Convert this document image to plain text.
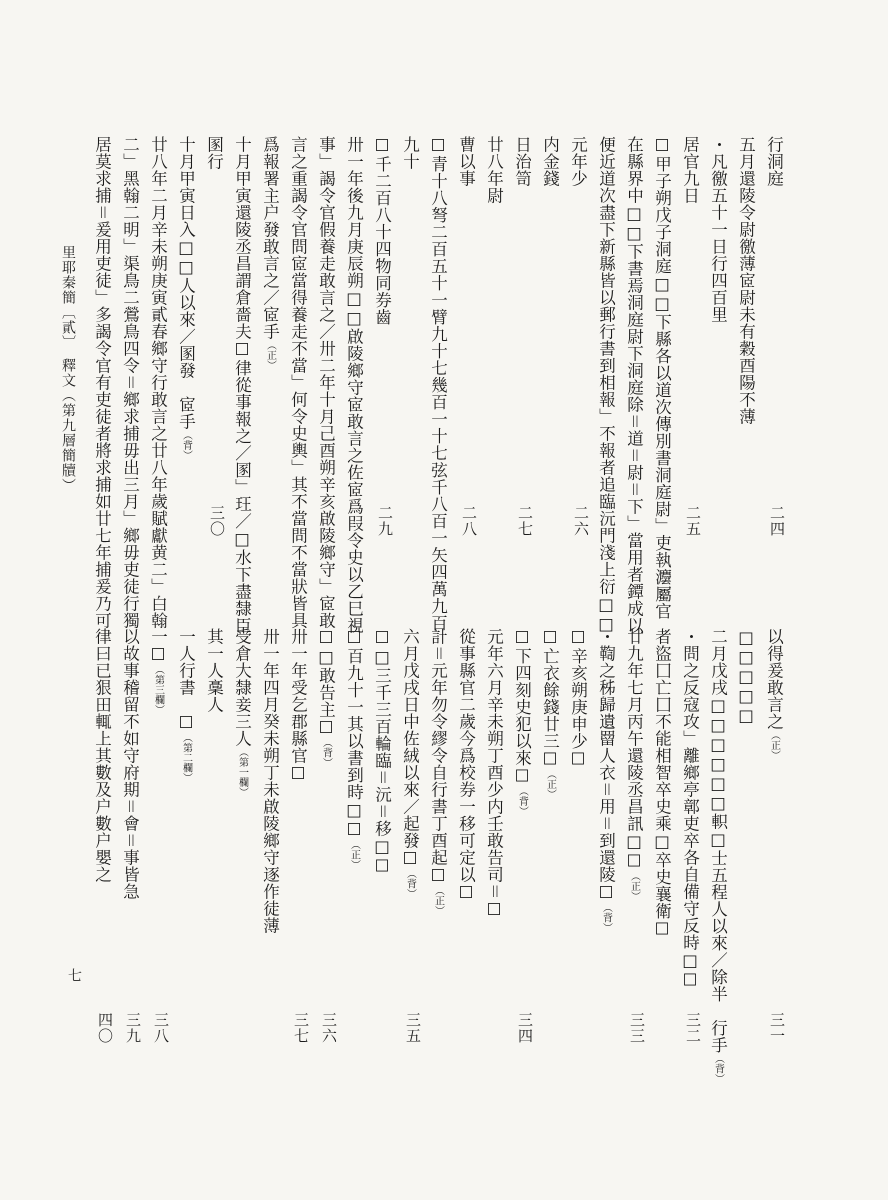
行洞庭
五月還陵令尉徼薄宧尉未有穀酉陽不薄
・凡徼五十一日行四百里
居官九日
☐甲子朔戊子洞庭□□下縣各以道次傳別書洞庭尉」吏執灋屬官
在縣界中□□下書焉洞庭尉下洞庭除＝道＝尉＝下」當用者鐔成以
便近道次盡下新縣皆以郵行書到相報」不報者追臨沅門淺上衍□□
元年少
内金錢
日治笥
廿八年尉
曹以事
☐青十八弩二百五十一臂九十七幾百一十七弦千八百一矢四萬九百
九十
☐千二百八十四物同券齒
卅一年後九月庚辰朔□□啟陵鄉守宧敢言之佐宧爲叚令史以乙巳視
事」謁令官假養走敢言之／卅二年十月己酉朔辛亥啟陵鄉守」宧敢
言之重謁令官問宧當得養走不當」何令史輿」其不當問不當狀皆具
爲報署主户發敢言之／宧手（正）
十月甲寅還陵丞昌謂倉嗇夫☐律從事報之／圂」玨／□水下盡隸臣
圂行
十月甲寅日入□□人以來／圂發　宧手（背）
廿八年二月辛未朔庚寅貳春鄉守行敢言之廿八年歲賦獻黄二」白翰
二」黑翰二明」渠鳥二鶯鳥四令＝鄉求捕毋出三月」鄉毋吏徒行獨
居莫求捕＝爰用吏徒」多謁令官有吏徒者將求捕如廿七年捕爰乃可	二四
二五
二六
二七
二八
二九
三〇
以得爰敢言之（正）
□□□□□
二月戊戌□□□□□□軹□士五程人以來／除半　行手（背）
・問之反寇攻」離鄉亭鄣吏卒各自備守反時□☐
者盜囗亡囗不能相智卒史乘□卒史襄衛☐
廿九年七月丙午還陵丞昌訊□☐（正）
・鞫之秭歸遺罶人衣＝用＝到還陵☐（背）
☐辛亥朔庚申少☐
☐亡衣餘錢廿三☐（正）
☐下四刻史犯以來☐（背）
元年六月辛未朔丁酉少内壬敢告司＝☐
從事縣官二歲今爲校券一移可定以☐
計＝元年勿令繆令自行書丁酉起☐（正）
六月戊戌日中佐絨以來／起發☐（背）
☐□三千三百輪臨＝沅＝移□☐
☐百九十一其以書到時□☐（正）
☐□敢告主☐（背）
卅一年受乞郡縣官☐
卅一年四月癸未朔丁未啟陵鄉守逐作徒薄
受倉大隸妾三人（第一欄）
其一人稾人
一人行書　☐（第二欄）
一☐（第三欄）
以故事稽留不如守府期＝會＝事皆急
律曰已狠田輒上其數及户數户嬰之
三一
三二
三三
三四
三五
三六
三七
三八
三九
四〇
里耶秦簡〔貳〕　釋文（第九層簡牘）
七
